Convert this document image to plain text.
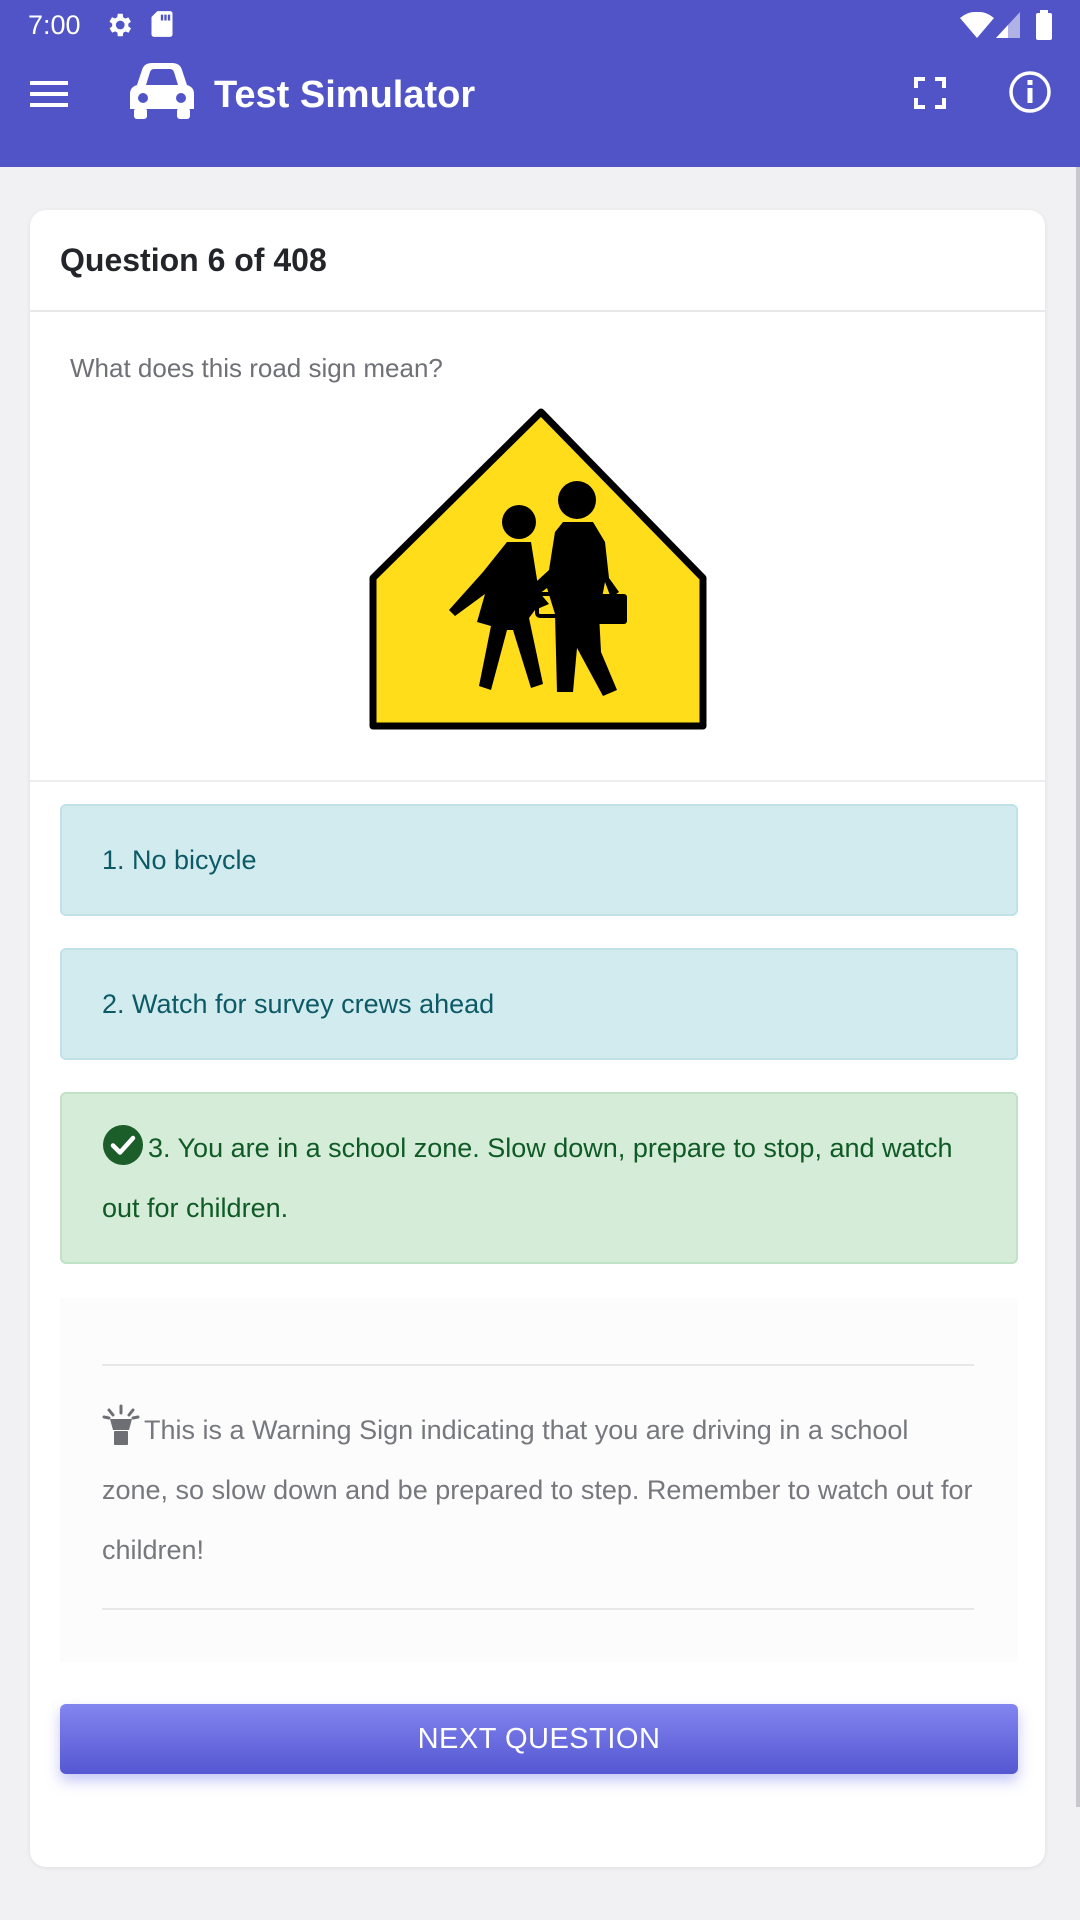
7:00
Test Simulator
Question 6 of 408
What does this road sign mean?
1. No bicycle
2. Watch for survey crews ahead
3. You are in a school zone. Slow down, prepare to stop, and watch out for children.
This is a Warning Sign indicating that you are driving in a school zone, so slow down and be prepared to step. Remember to watch out for children!
NEXT QUESTION
